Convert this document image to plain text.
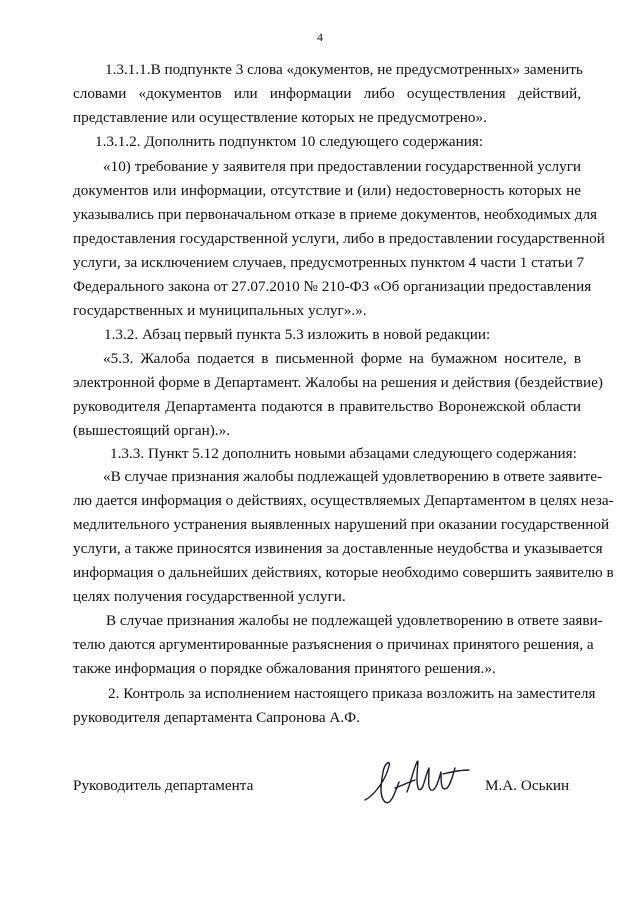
4
1.3.1.1.В подпункте 3 слова «документов, не предусмотренных» заменить
словами «документов или информации либо осуществления действий,
представление или осуществление которых не предусмотрено».
1.3.1.2. Дополнить подпунктом 10 следующего содержания:
«10) требование у заявителя при предоставлении государственной услуги
документов или информации, отсутствие и (или) недостоверность которых не
указывались при первоначальном отказе в приеме документов, необходимых для
предоставления государственной услуги, либо в предоставлении государственной
услуги, за исключением случаев, предусмотренных пунктом 4 части 1 статьи 7
Федерального закона от 27.07.2010 № 210-ФЗ «Об организации предоставления
государственных и муниципальных услуг».».
1.3.2. Абзац первый пункта 5.3 изложить в новой редакции:
«5.3. Жалоба подается в письменной форме на бумажном носителе, в
электронной форме в Департамент. Жалобы на решения и действия (бездействие)
руководителя Департамента подаются в правительство Воронежской области
(вышестоящий орган).».
1.3.3. Пункт 5.12 дополнить новыми абзацами следующего содержания:
«В случае признания жалобы подлежащей удовлетворению в ответе заявите-
лю дается информация о действиях, осуществляемых Департаментом в целях неза-
медлительного устранения выявленных нарушений при оказании государственной
услуги, а также приносятся извинения за доставленные неудобства и указывается
информация о дальнейших действиях, которые необходимо совершить заявителю в
целях получения государственной услуги.
В случае признания жалобы не подлежащей удовлетворению в ответе заяви-
телю даются аргументированные разъяснения о причинах принятого решения, а
также информация о порядке обжалования принятого решения.».
2. Контроль за исполнением настоящего приказа возложить на заместителя
руководителя департамента Сапронова А.Ф.
Руководитель департамента	М.А. Оськин
